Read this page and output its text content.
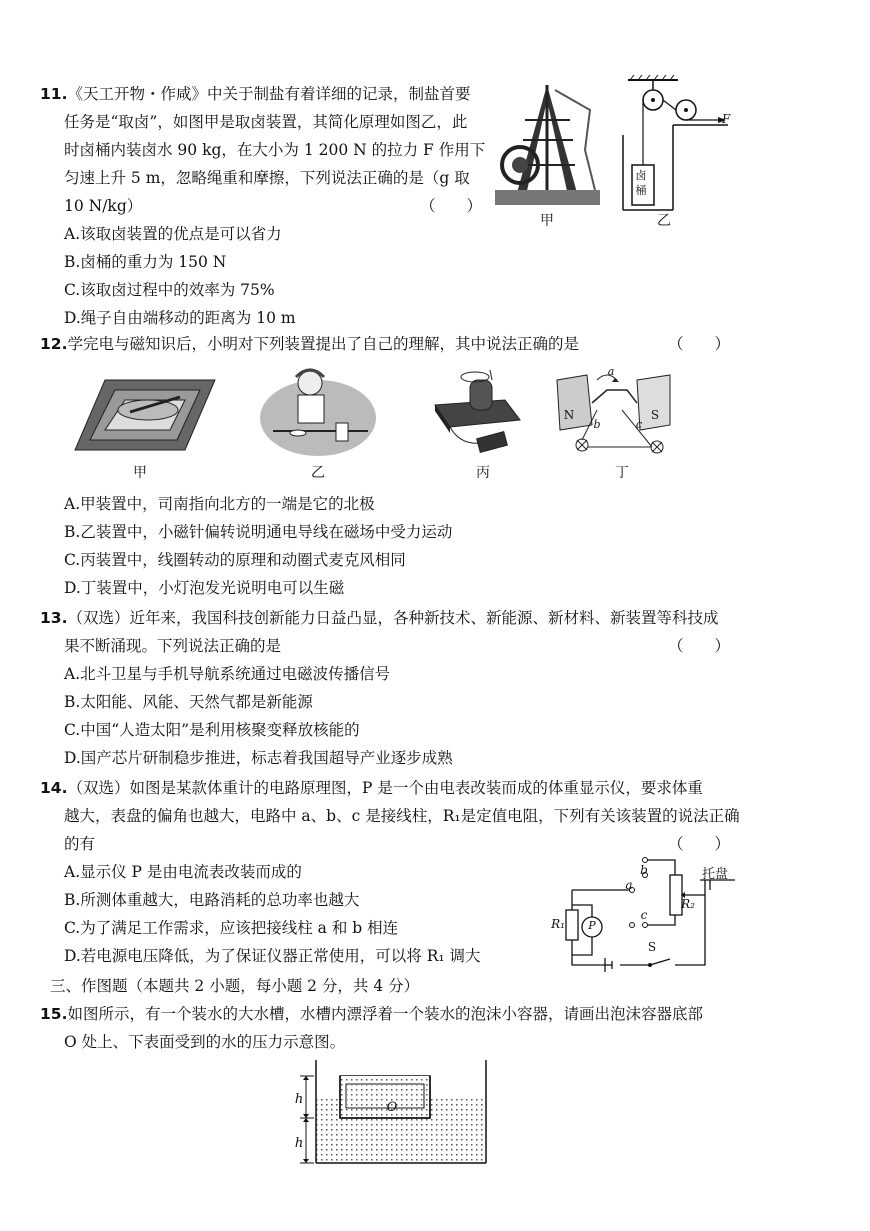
11.《天工开物・作咸》中关于制盐有着详细的记录，制盐首要
任务是“取卤”，如图甲是取卤装置，其简化原理如图乙，此
时卤桶内装卤水 90 kg，在大小为 1 200 N 的拉力 F 作用下
匀速上升 5 m，忽略绳重和摩擦，下列说法正确的是（g 取
10 N/kg）	（　　）
A.该取卤装置的优点是可以省力
B.卤桶的重力为 150 N
C.该取卤过程中的效率为 75%
D.绳子自由端移动的距离为 10 m
甲
卤
桶
F
乙
12.学完电与磁知识后，小明对下列装置提出了自己的理解，其中说法正确的是	（　　）
甲	乙	丙
N	S
a
b	c
丁
A.甲装置中，司南指向北方的一端是它的北极
B.乙装置中，小磁针偏转说明通电导线在磁场中受力运动
C.丙装置中，线圈转动的原理和动圈式麦克风相同
D.丁装置中，小灯泡发光说明电可以生磁
13.（双选）近年来，我国科技创新能力日益凸显，各种新技术、新能源、新材料、新装置等科技成
果不断涌现。下列说法正确的是	（　　）
A.北斗卫星与手机导航系统通过电磁波传播信号
B.太阳能、风能、天然气都是新能源
C.中国“人造太阳”是利用核聚变释放核能的
D.国产芯片研制稳步推进，标志着我国超导产业逐步成熟
14.（双选）如图是某款体重计的电路原理图，P 是一个由电表改装而成的体重显示仪，要求体重
越大，表盘的偏角也越大，电路中 a、b、c 是接线柱，R₁是定值电阻，下列有关该装置的说法正确
的有	（　　）
A.显示仪 P 是由电流表改装而成的
B.所测体重越大，电路消耗的总功率也越大
C.为了满足工作需求，应该把接线柱 a 和 b 相连
D.若电源电压降低，为了保证仪器正常使用，可以将 R₁ 调大
托盘
R₁
R₂
P
S
a
b
c
三、作图题（本题共 2 小题，每小题 2 分，共 4 分）
15.如图所示，有一个装水的大水槽，水槽内漂浮着一个装水的泡沫小容器，请画出泡沫容器底部
O 处上、下表面受到的水的压力示意图。
h
h
O
